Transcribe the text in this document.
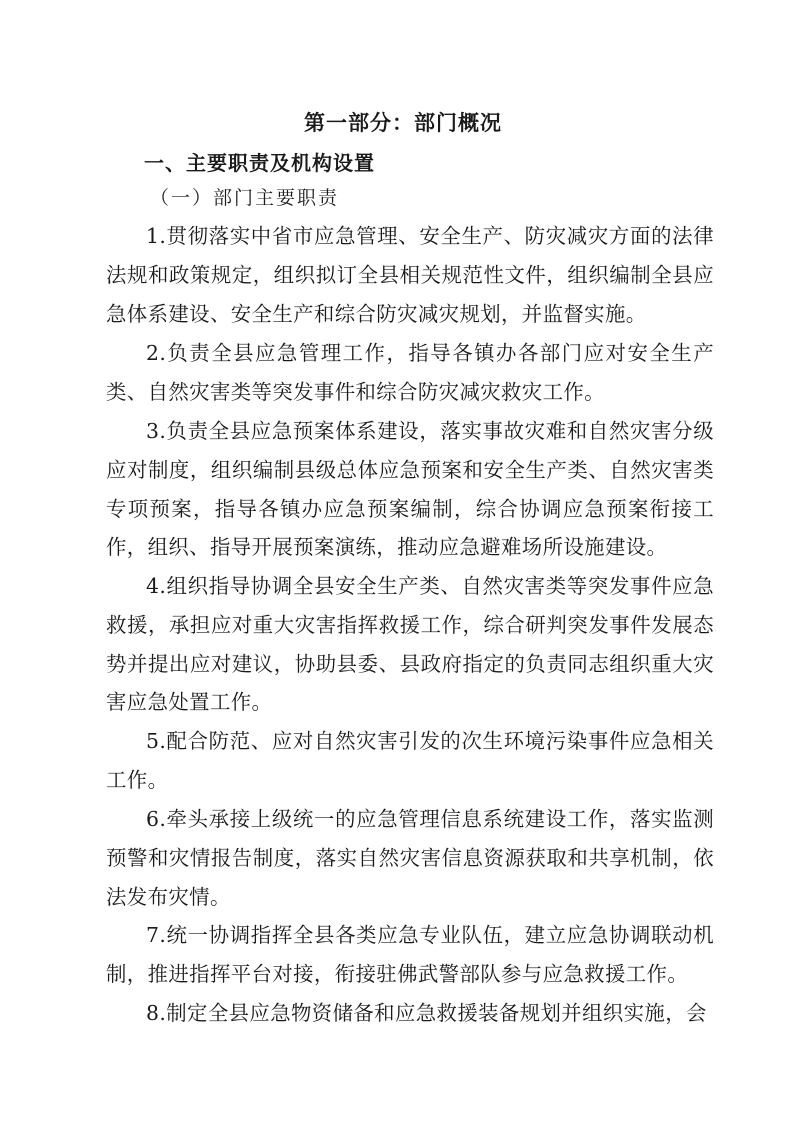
第一部分：部门概况
一、主要职责及机构设置
（一）部门主要职责

1.贯彻落实中省市应急管理、安全生产、防灾减灾方面的法律法规和政策规定，组织拟订全县相关规范性文件，组织编制全县应急体系建设、安全生产和综合防灾减灾规划，并监督实施。

2.负责全县应急管理工作，指导各镇办各部门应对安全生产类、自然灾害类等突发事件和综合防灾减灾救灾工作。

3.负责全县应急预案体系建设，落实事故灾难和自然灾害分级应对制度，组织编制县级总体应急预案和安全生产类、自然灾害类专项预案，指导各镇办应急预案编制，综合协调应急预案衔接工作，组织、指导开展预案演练，推动应急避难场所设施建设。

4.组织指导协调全县安全生产类、自然灾害类等突发事件应急救援，承担应对重大灾害指挥救援工作，综合研判突发事件发展态势并提出应对建议，协助县委、县政府指定的负责同志组织重大灾害应急处置工作。

5.配合防范、应对自然灾害引发的次生环境污染事件应急相关工作。

6.牵头承接上级统一的应急管理信息系统建设工作，落实监测预警和灾情报告制度，落实自然灾害信息资源获取和共享机制，依法发布灾情。

7.统一协调指挥全县各类应急专业队伍，建立应急协调联动机制，推进指挥平台对接，衔接驻佛武警部队参与应急救援工作。

8.制定全县应急物资储备和应急救援装备规划并组织实施，会
